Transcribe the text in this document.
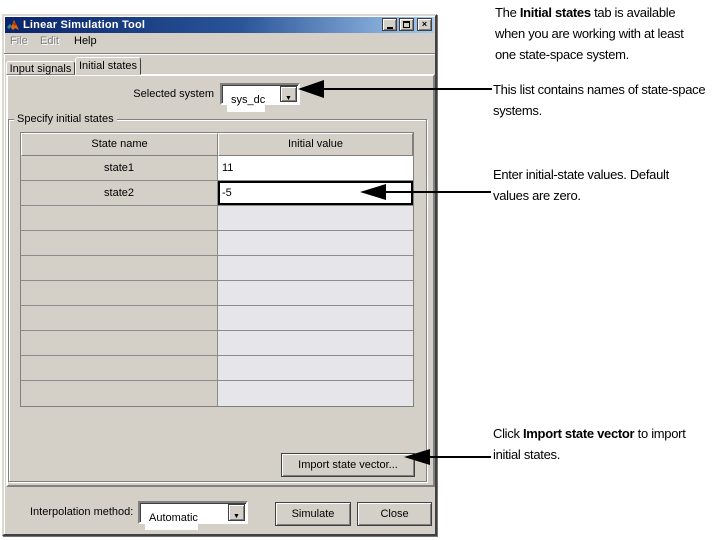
Linear Simulation Tool	×
File Edit Help
Input signals Initial states
Selected system	sys_dc	▼
Specify initial states
State name	Initial value
state1	11
state2	-5
Import state vector...
Interpolation method:	Automatic	▼	Simulate	Close
The Initial states tab is available
when you are working with at least
one state-space system.
This list contains names of state-space
systems.
Enter initial-state values. Default
values are zero.
Click Import state vector to import
initial states.
